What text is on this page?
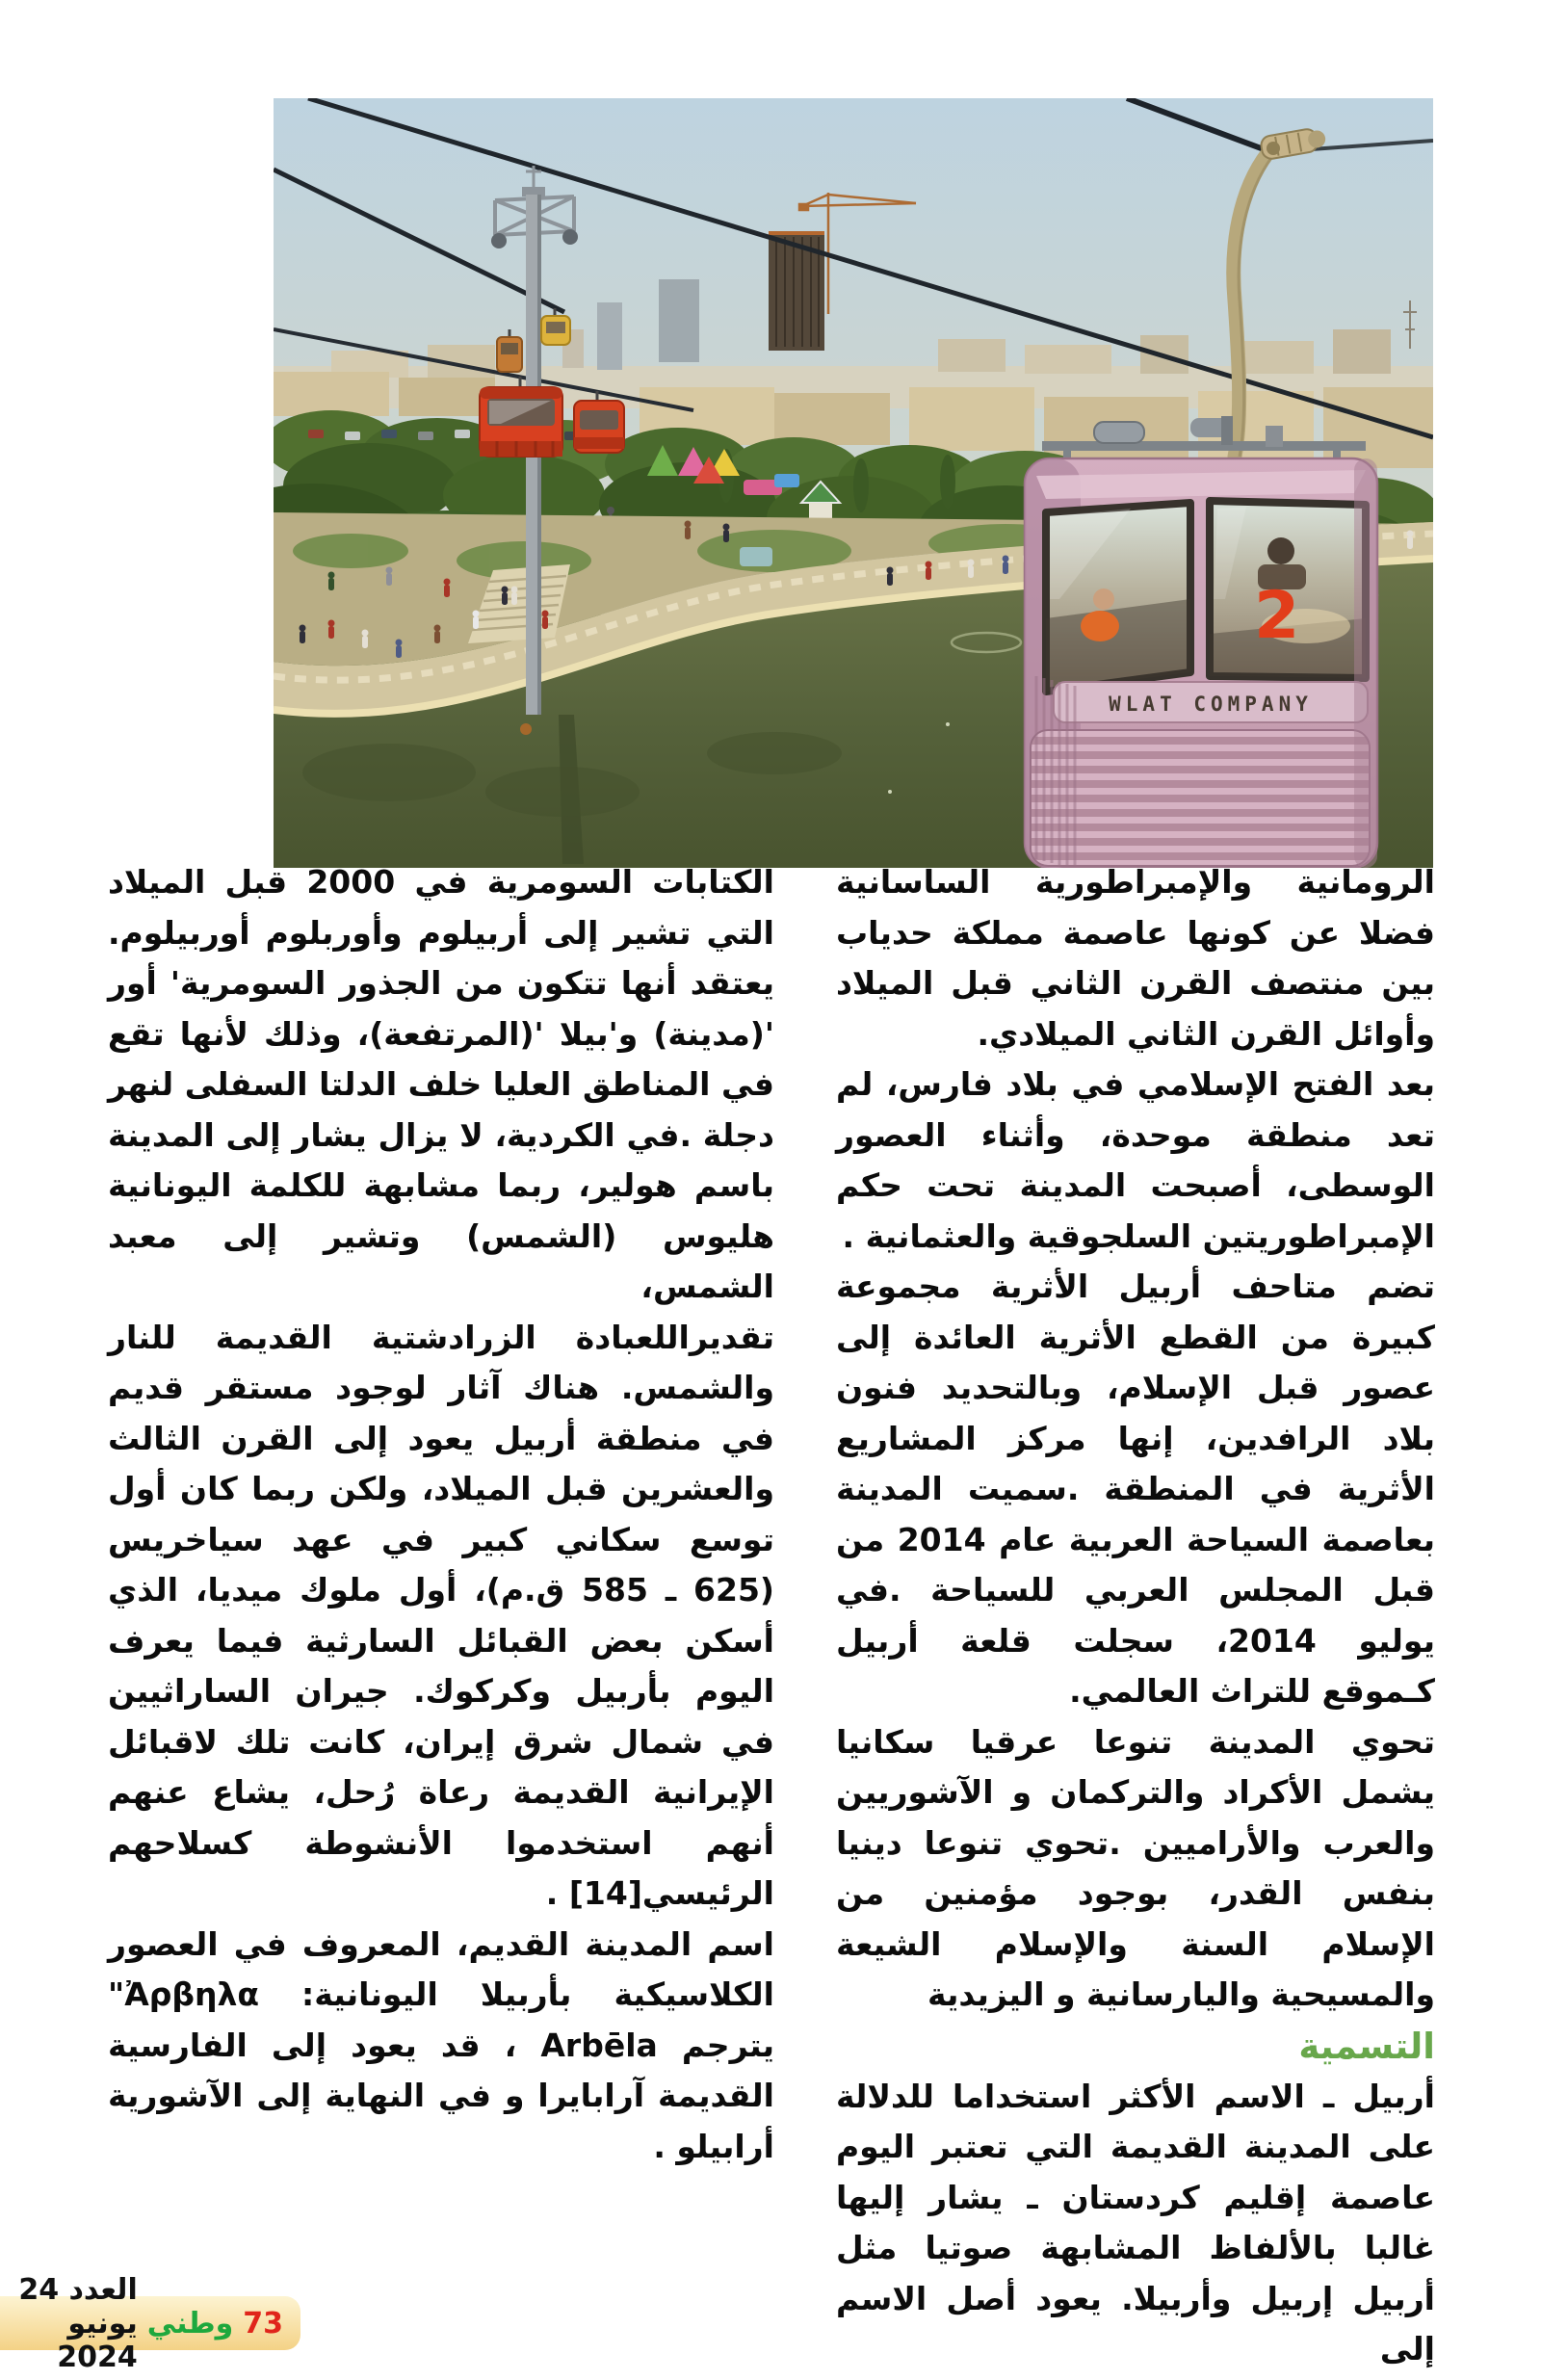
2
WLAT COMPANY

الرومانية والإمبراطورية الساسانية فضلا عن كونها عاصمة مملكة حدياب بين منتصف القرن الثاني قبل الميلاد وأوائل القرن الثاني الميلادي.

بعد الفتح الإسلامي في بلاد فارس، لم تعد منطقة موحدة، وأثناء العصور الوسطى، أصبحت المدينة تحت حكم الإمبراطوريتين السلجوقية والعثمانية .

تضم متاحف أربيل الأثرية مجموعة كبيرة من القطع الأثرية العائدة إلى عصور قبل الإسلام، وبالتحديد فنون بلاد الرافدين، إنها مركز المشاريع الأثرية في المنطقة .سميت المدينة بعاصمة السياحة العربية عام 2014 من قبل المجلس العربي للسياحة .في يوليو 2014، سجلت قلعة أربيل كـموقع للتراث العالمي.

تحوي المدينة تنوعا عرقيا سكانيا يشمل الأكراد والتركمان و الآشوريين والعرب والأراميين .تحوي تنوعا دينيا بنفس القدر، بوجود مؤمنين من الإسلام السنة والإسلام الشيعة والمسيحية واليارسانية و اليزيدية

التسمية

أربيل ـ الاسم الأكثر استخداما للدلالة على المدينة القديمة التي تعتبر اليوم عاصمة إقليم كردستان ـ يشار إليها غالبا بالألفاظ المشابهة صوتيا مثل أربيل إربيل وأربيلا. يعود أصل الاسم إلى

الكتابات السومرية في 2000 قبل الميلاد التي تشير إلى أربيلوم وأوربلوم أوربيلوم. يعتقد أنها تتكون من الجذور السومرية' أور '(مدينة) و'بيلا '(المرتفعة)، وذلك لأنها تقع في المناطق العليا خلف الدلتا السفلى لنهر دجلة .في الكردية، لا يزال يشار إلى المدينة باسم هولير، ربما مشابهة للكلمة اليونانية هليوس (الشمس) وتشير إلى معبد الشمس،

تقديراللعبادة الزرادشتية القديمة للنار والشمس. هناك آثار لوجود مستقر قديم في منطقة أربيل يعود إلى القرن الثالث والعشرين قبل الميلاد، ولكن ربما كان أول توسع سكاني كبير في عهد سياخريس (625 ـ 585 ق.م)، أول ملوك ميديا، الذي أسكن بعض القبائل السارثية فيما يعرف اليوم بأربيل وكركوك. جيران الساراثيين في شمال شرق إيران، كانت تلك لاقبائل الإيرانية القديمة رعاة رُحل، يشاع عنهم أنهم استخدموا الأنشوطة كسلاحهم الرئيسي[14] .

اسم المدينة القديم، المعروف في العصور الكلاسيكية بأربيلا اليونانية: Ἀρβηλα" يترجم Arbēla ، قد يعود إلى الفارسية القديمة آرابايرا و في النهاية إلى الآشورية أرابيلو .

73
وطني
العدد 24 يونيو 2024
